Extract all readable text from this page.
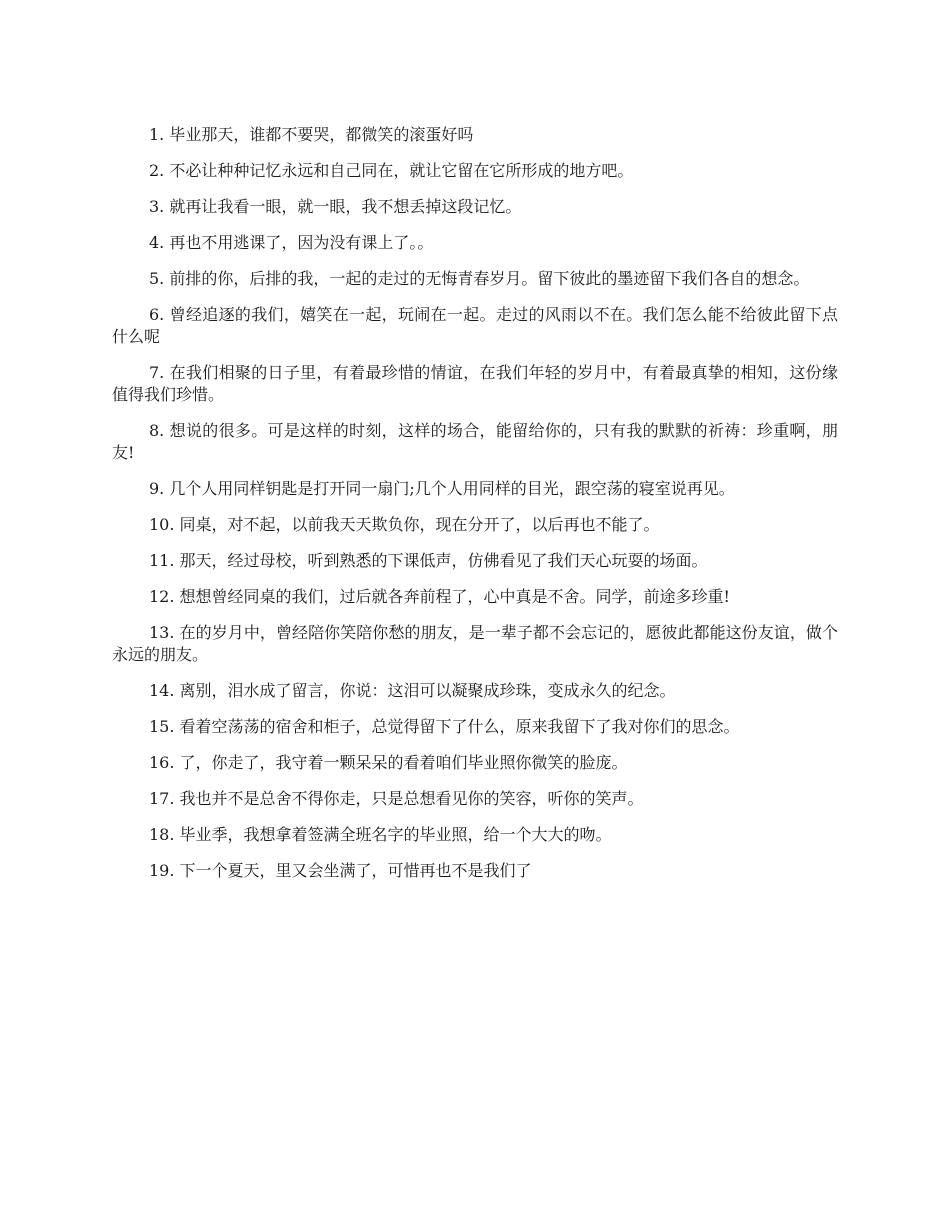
1. 毕业那天，谁都不要哭，都微笑的滚蛋好吗

2. 不必让种种记忆永远和自己同在，就让它留在它所形成的地方吧。

3. 就再让我看一眼，就一眼，我不想丢掉这段记忆。

4. 再也不用逃课了，因为没有课上了。。

5. 前排的你，后排的我，一起的走过的无悔青春岁月。留下彼此的墨迹留下我们各自的想念。

6. 曾经追逐的我们，嬉笑在一起，玩闹在一起。走过的风雨以不在。我们怎么能不给彼此留下点什么呢

7. 在我们相聚的日子里，有着最珍惜的情谊，在我们年轻的岁月中，有着最真挚的相知，这份缘值得我们珍惜。

8. 想说的很多。可是这样的时刻，这样的场合，能留给你的，只有我的默默的祈祷：珍重啊，朋友!

9. 几个人用同样钥匙是打开同一扇门;几个人用同样的目光，跟空荡的寝室说再见。

10. 同桌，对不起，以前我天天欺负你，现在分开了，以后再也不能了。

11. 那天，经过母校，听到熟悉的下课低声，仿佛看见了我们天心玩耍的场面。

12. 想想曾经同桌的我们，过后就各奔前程了，心中真是不舍。同学，前途多珍重!

13. 在的岁月中，曾经陪你笑陪你愁的朋友，是一辈子都不会忘记的，愿彼此都能这份友谊，做个永远的朋友。

14. 离别，泪水成了留言，你说：这泪可以凝聚成珍珠，变成永久的纪念。

15. 看着空荡荡的宿舍和柜子，总觉得留下了什么，原来我留下了我对你们的思念。

16. 了，你走了，我守着一颗呆呆的看着咱们毕业照你微笑的脸庞。

17. 我也并不是总舍不得你走，只是总想看见你的笑容，听你的笑声。

18. 毕业季，我想拿着签满全班名字的毕业照，给一个大大的吻。

19. 下一个夏天，里又会坐满了，可惜再也不是我们了
